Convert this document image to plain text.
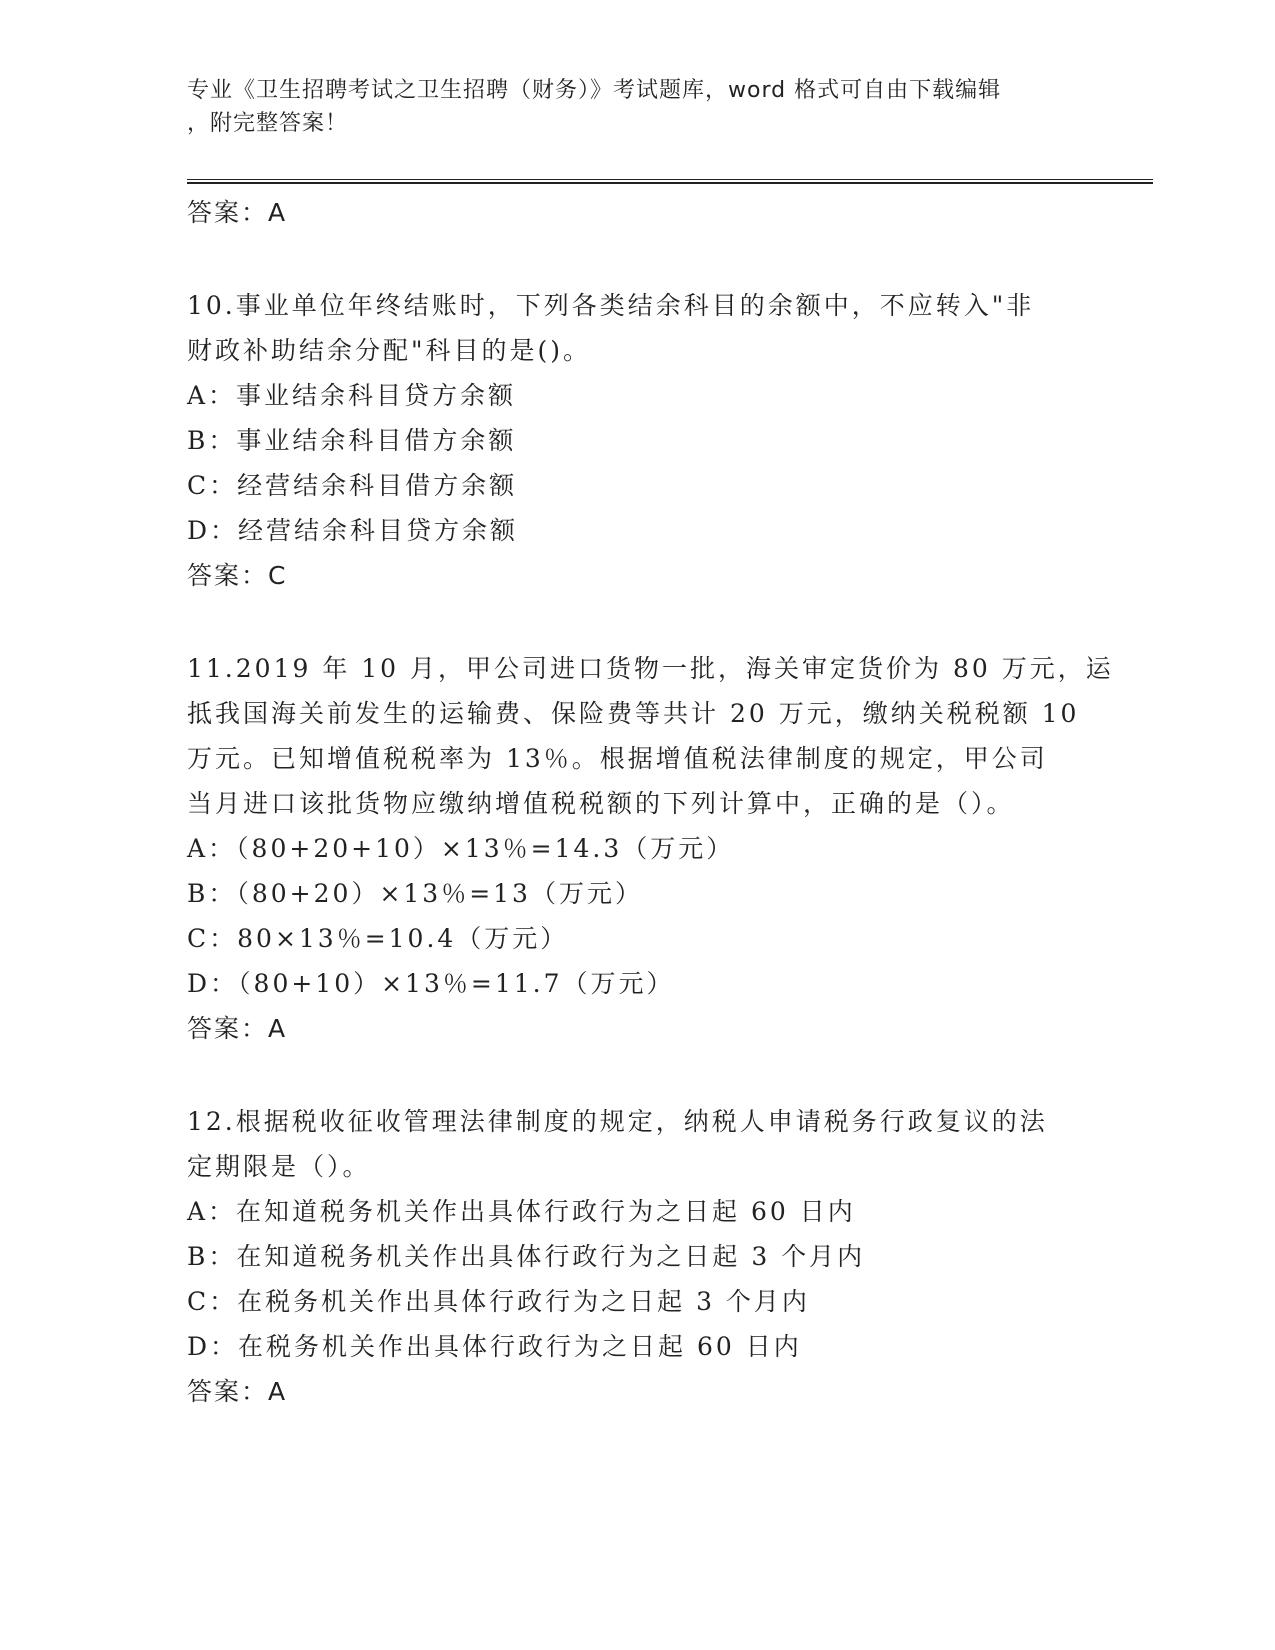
专业《卫生招聘考试之卫生招聘（财务）》考试题库，word 格式可自由下载编辑
，附完整答案！
答案：A
10.事业单位年终结账时，下列各类结余科目的余额中，不应转入"非
财政补助结余分配"科目的是()。
A：事业结余科目贷方余额
B：事业结余科目借方余额
C：经营结余科目借方余额
D：经营结余科目贷方余额
答案：C
11.2019 年 10 月，甲公司进口货物一批，海关审定货价为 80 万元，运
抵我国海关前发生的运输费、保险费等共计 20 万元，缴纳关税税额 10
万元。已知增值税税率为 13％。根据增值税法律制度的规定，甲公司
当月进口该批货物应缴纳增值税税额的下列计算中，正确的是（）。
A：（80+20+10）×13％=14.3（万元）
B：（80+20）×13％=13（万元）
C：80×13％=10.4（万元）
D：（80+10）×13％=11.7（万元）
答案：A
12.根据税收征收管理法律制度的规定，纳税人申请税务行政复议的法
定期限是（）。
A：在知道税务机关作出具体行政行为之日起 60 日内
B：在知道税务机关作出具体行政行为之日起 3 个月内
C：在税务机关作出具体行政行为之日起 3 个月内
D：在税务机关作出具体行政行为之日起 60 日内
答案：A
